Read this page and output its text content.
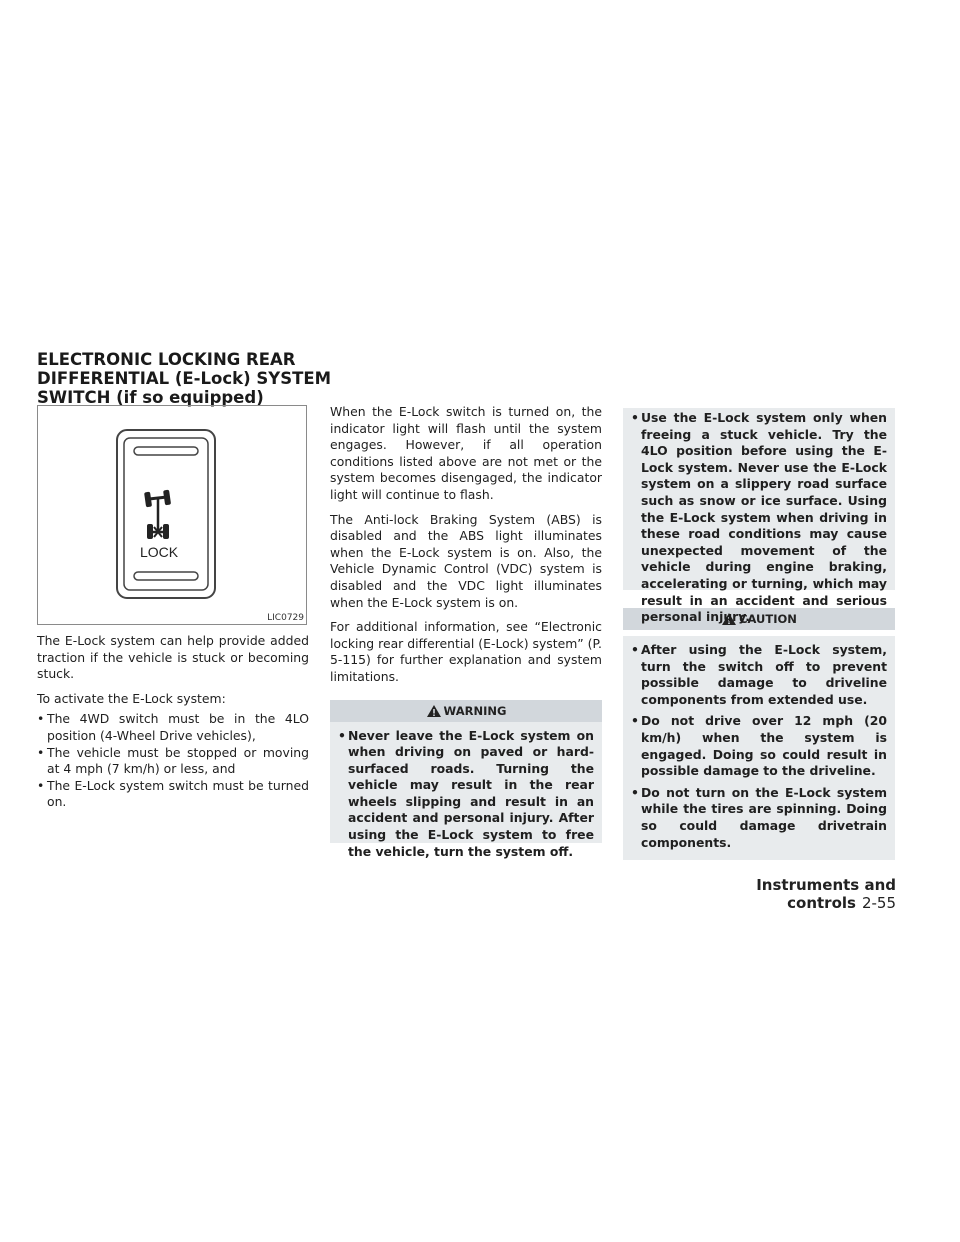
ELECTRONIC LOCKING REAR DIFFERENTIAL (E-Lock) SYSTEM SWITCH (if so equipped)
LOCK
LIC0729

The E-Lock system can help provide added traction if the vehicle is stuck or becoming stuck.

To activate the E-Lock system:

• The 4WD switch must be in the 4LO position (4-Wheel Drive vehicles),
• The vehicle must be stopped or moving at 4 mph (7 km/h) or less, and
• The E-Lock system switch must be turned on.

When the E-Lock switch is turned on, the indicator light will flash until the system engages. However, if all operation conditions listed above are not met or the system becomes disengaged, the indicator light will continue to flash.

The Anti-lock Braking System (ABS) is disabled and the ABS light illuminates when the E-Lock system is on. Also, the Vehicle Dynamic Control (VDC) system is disabled and the VDC light illuminates when the E-Lock system is on.

For additional information, see “Electronic locking rear differential (E-Lock) system” (P. 5-115) for further explanation and system limitations.

WARNING
• Never leave the E-Lock system on when driving on paved or hard-surfaced roads. Turning the vehicle may result in the rear wheels slipping and result in an accident and personal injury. After using the E-Lock system to free the vehicle, turn the system off.
• Use the E-Lock system only when freeing a stuck vehicle. Try the 4LO position before using the E-Lock system. Never use the E-Lock system on a slippery road surface such as snow or ice surface. Using the E-Lock system when driving in these road conditions may cause unexpected movement of the vehicle during engine braking, accelerating or turning, which may result in an accident and serious personal injury.
CAUTION
• After using the E-Lock system, turn the switch off to prevent possible damage to driveline components from extended use.
• Do not drive over 12 mph (20 km/h) when the system is engaged. Doing so could result in possible damage to the driveline.
• Do not turn on the E-Lock system while the tires are spinning. Doing so could damage drivetrain components.
Instruments and controls 2-55
